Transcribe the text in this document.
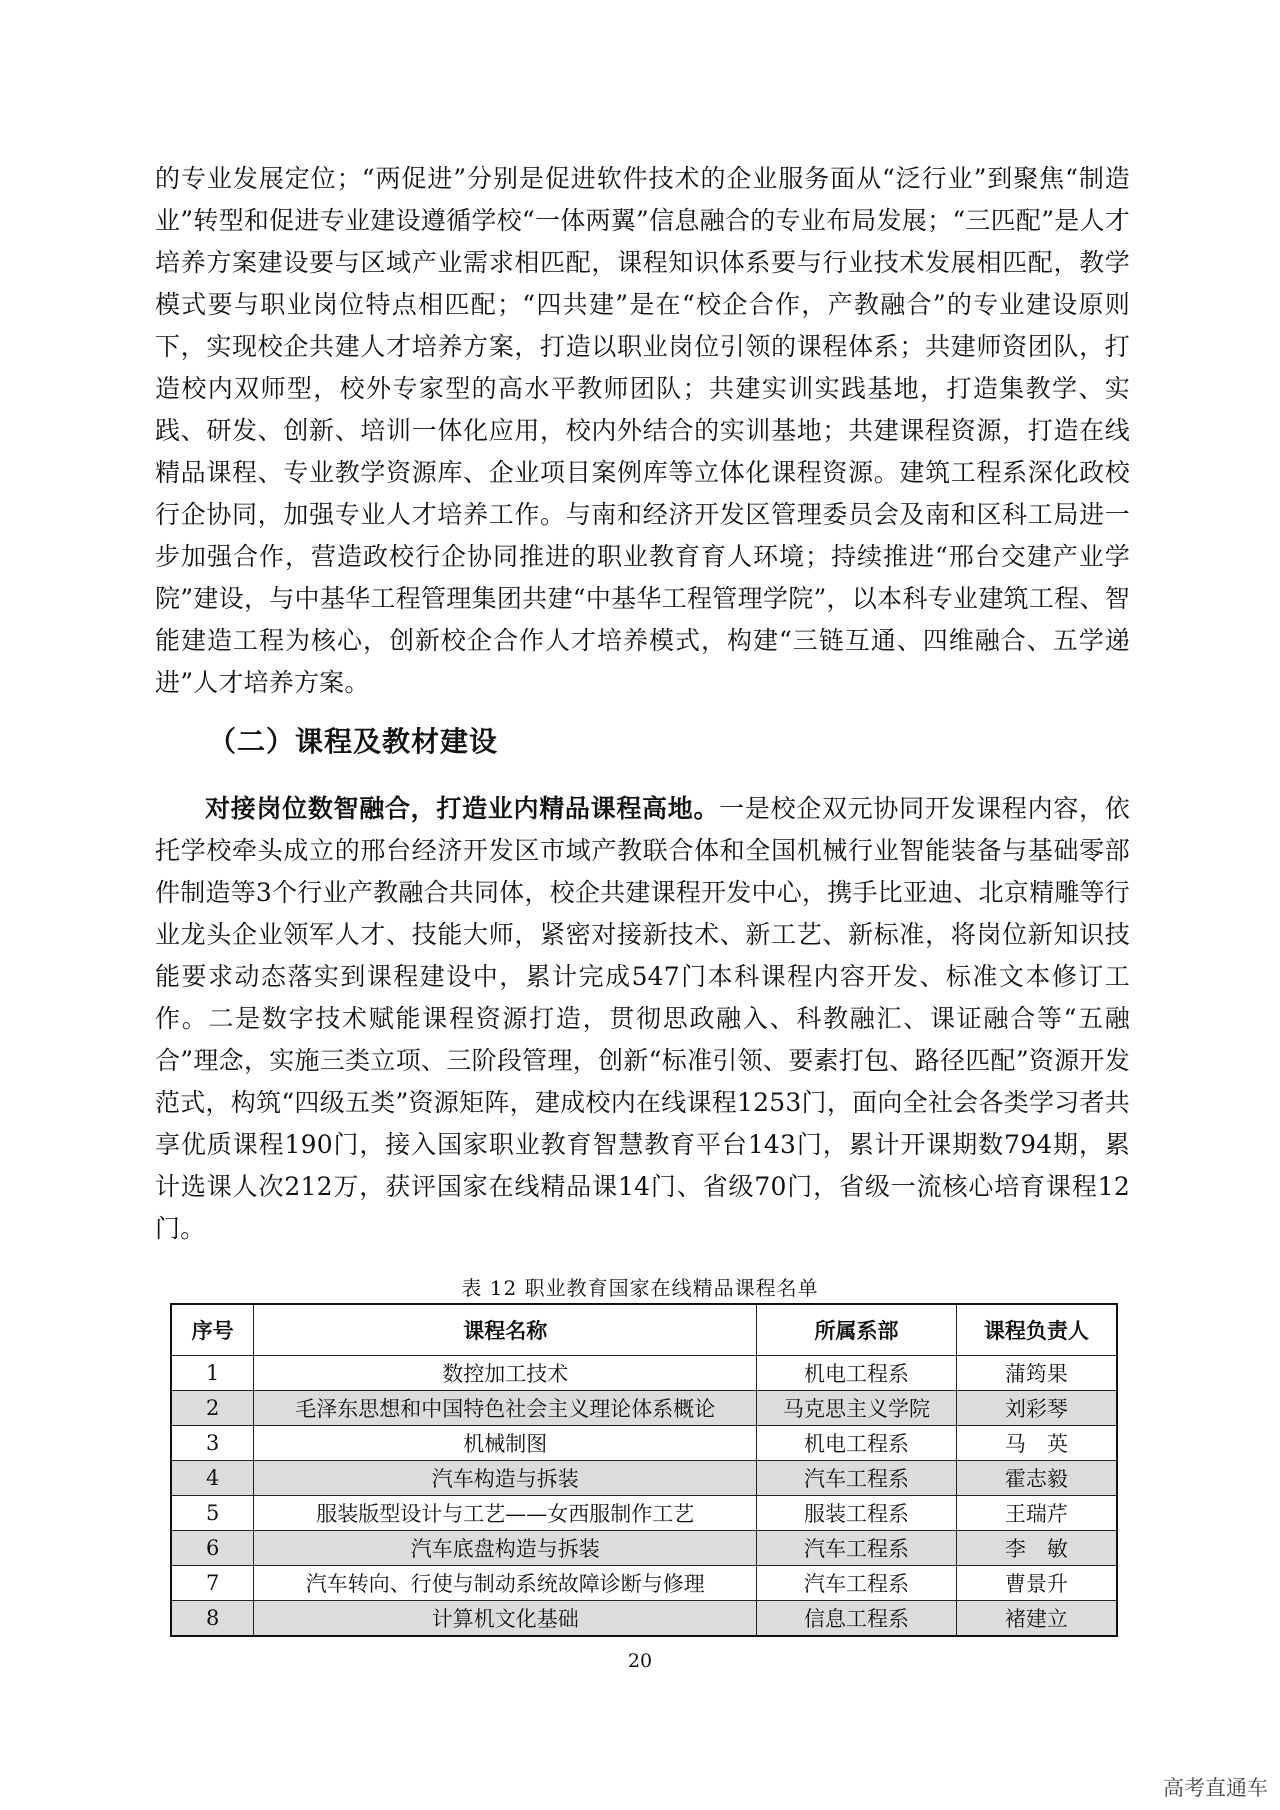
的专业发展定位；“两促进”分别是促进软件技术的企业服务面从“泛行业”到聚焦“制造业”转型和促进专业建设遵循学校“一体两翼”信息融合的专业布局发展；“三匹配”是人才培养方案建设要与区域产业需求相匹配，课程知识体系要与行业技术发展相匹配，教学模式要与职业岗位特点相匹配；“四共建”是在“校企合作，产教融合”的专业建设原则下，实现校企共建人才培养方案，打造以职业岗位引领的课程体系；共建师资团队，打造校内双师型，校外专家型的高水平教师团队；共建实训实践基地，打造集教学、实践、研发、创新、培训一体化应用，校内外结合的实训基地；共建课程资源，打造在线精品课程、专业教学资源库、企业项目案例库等立体化课程资源。建筑工程系深化政校行企协同，加强专业人才培养工作。与南和经济开发区管理委员会及南和区科工局进一步加强合作，营造政校行企协同推进的职业教育育人环境；持续推进“邢台交建产业学院”建设，与中基华工程管理集团共建“中基华工程管理学院”，以本科专业建筑工程、智能建造工程为核心，创新校企合作人才培养模式，构建“三链互通、四维融合、五学递进”人才培养方案。

（二）课程及教材建设

对接岗位数智融合，打造业内精品课程高地。一是校企双元协同开发课程内容，依托学校牵头成立的邢台经济开发区市域产教联合体和全国机械行业智能装备与基础零部件制造等3个行业产教融合共同体，校企共建课程开发中心，携手比亚迪、北京精雕等行业龙头企业领军人才、技能大师，紧密对接新技术、新工艺、新标准，将岗位新知识技能要求动态落实到课程建设中，累计完成547门本科课程内容开发、标准文本修订工作。二是数字技术赋能课程资源打造，贯彻思政融入、科教融汇、课证融合等“五融合”理念，实施三类立项、三阶段管理，创新“标准引领、要素打包、路径匹配”资源开发范式，构筑“四级五类”资源矩阵，建成校内在线课程1253门，面向全社会各类学习者共享优质课程190门，接入国家职业教育智慧教育平台143门，累计开课期数794期，累计选课人次212万，获评国家在线精品课14门、省级70门，省级一流核心培育课程12门。

表 12 职业教育国家在线精品课程名单
序号	课程名称	所属系部	课程负责人
1	数控加工技术	机电工程系	蒲筠果
2	毛泽东思想和中国特色社会主义理论体系概论	马克思主义学院	刘彩琴
3	机械制图	机电工程系	马　英
4	汽车构造与拆装	汽车工程系	霍志毅
5	服装版型设计与工艺——女西服制作工艺	服装工程系	王瑞芹
6	汽车底盘构造与拆装	汽车工程系	李　敏
7	汽车转向、行使与制动系统故障诊断与修理	汽车工程系	曹景升
8	计算机文化基础	信息工程系	褚建立
20
高考直通车
